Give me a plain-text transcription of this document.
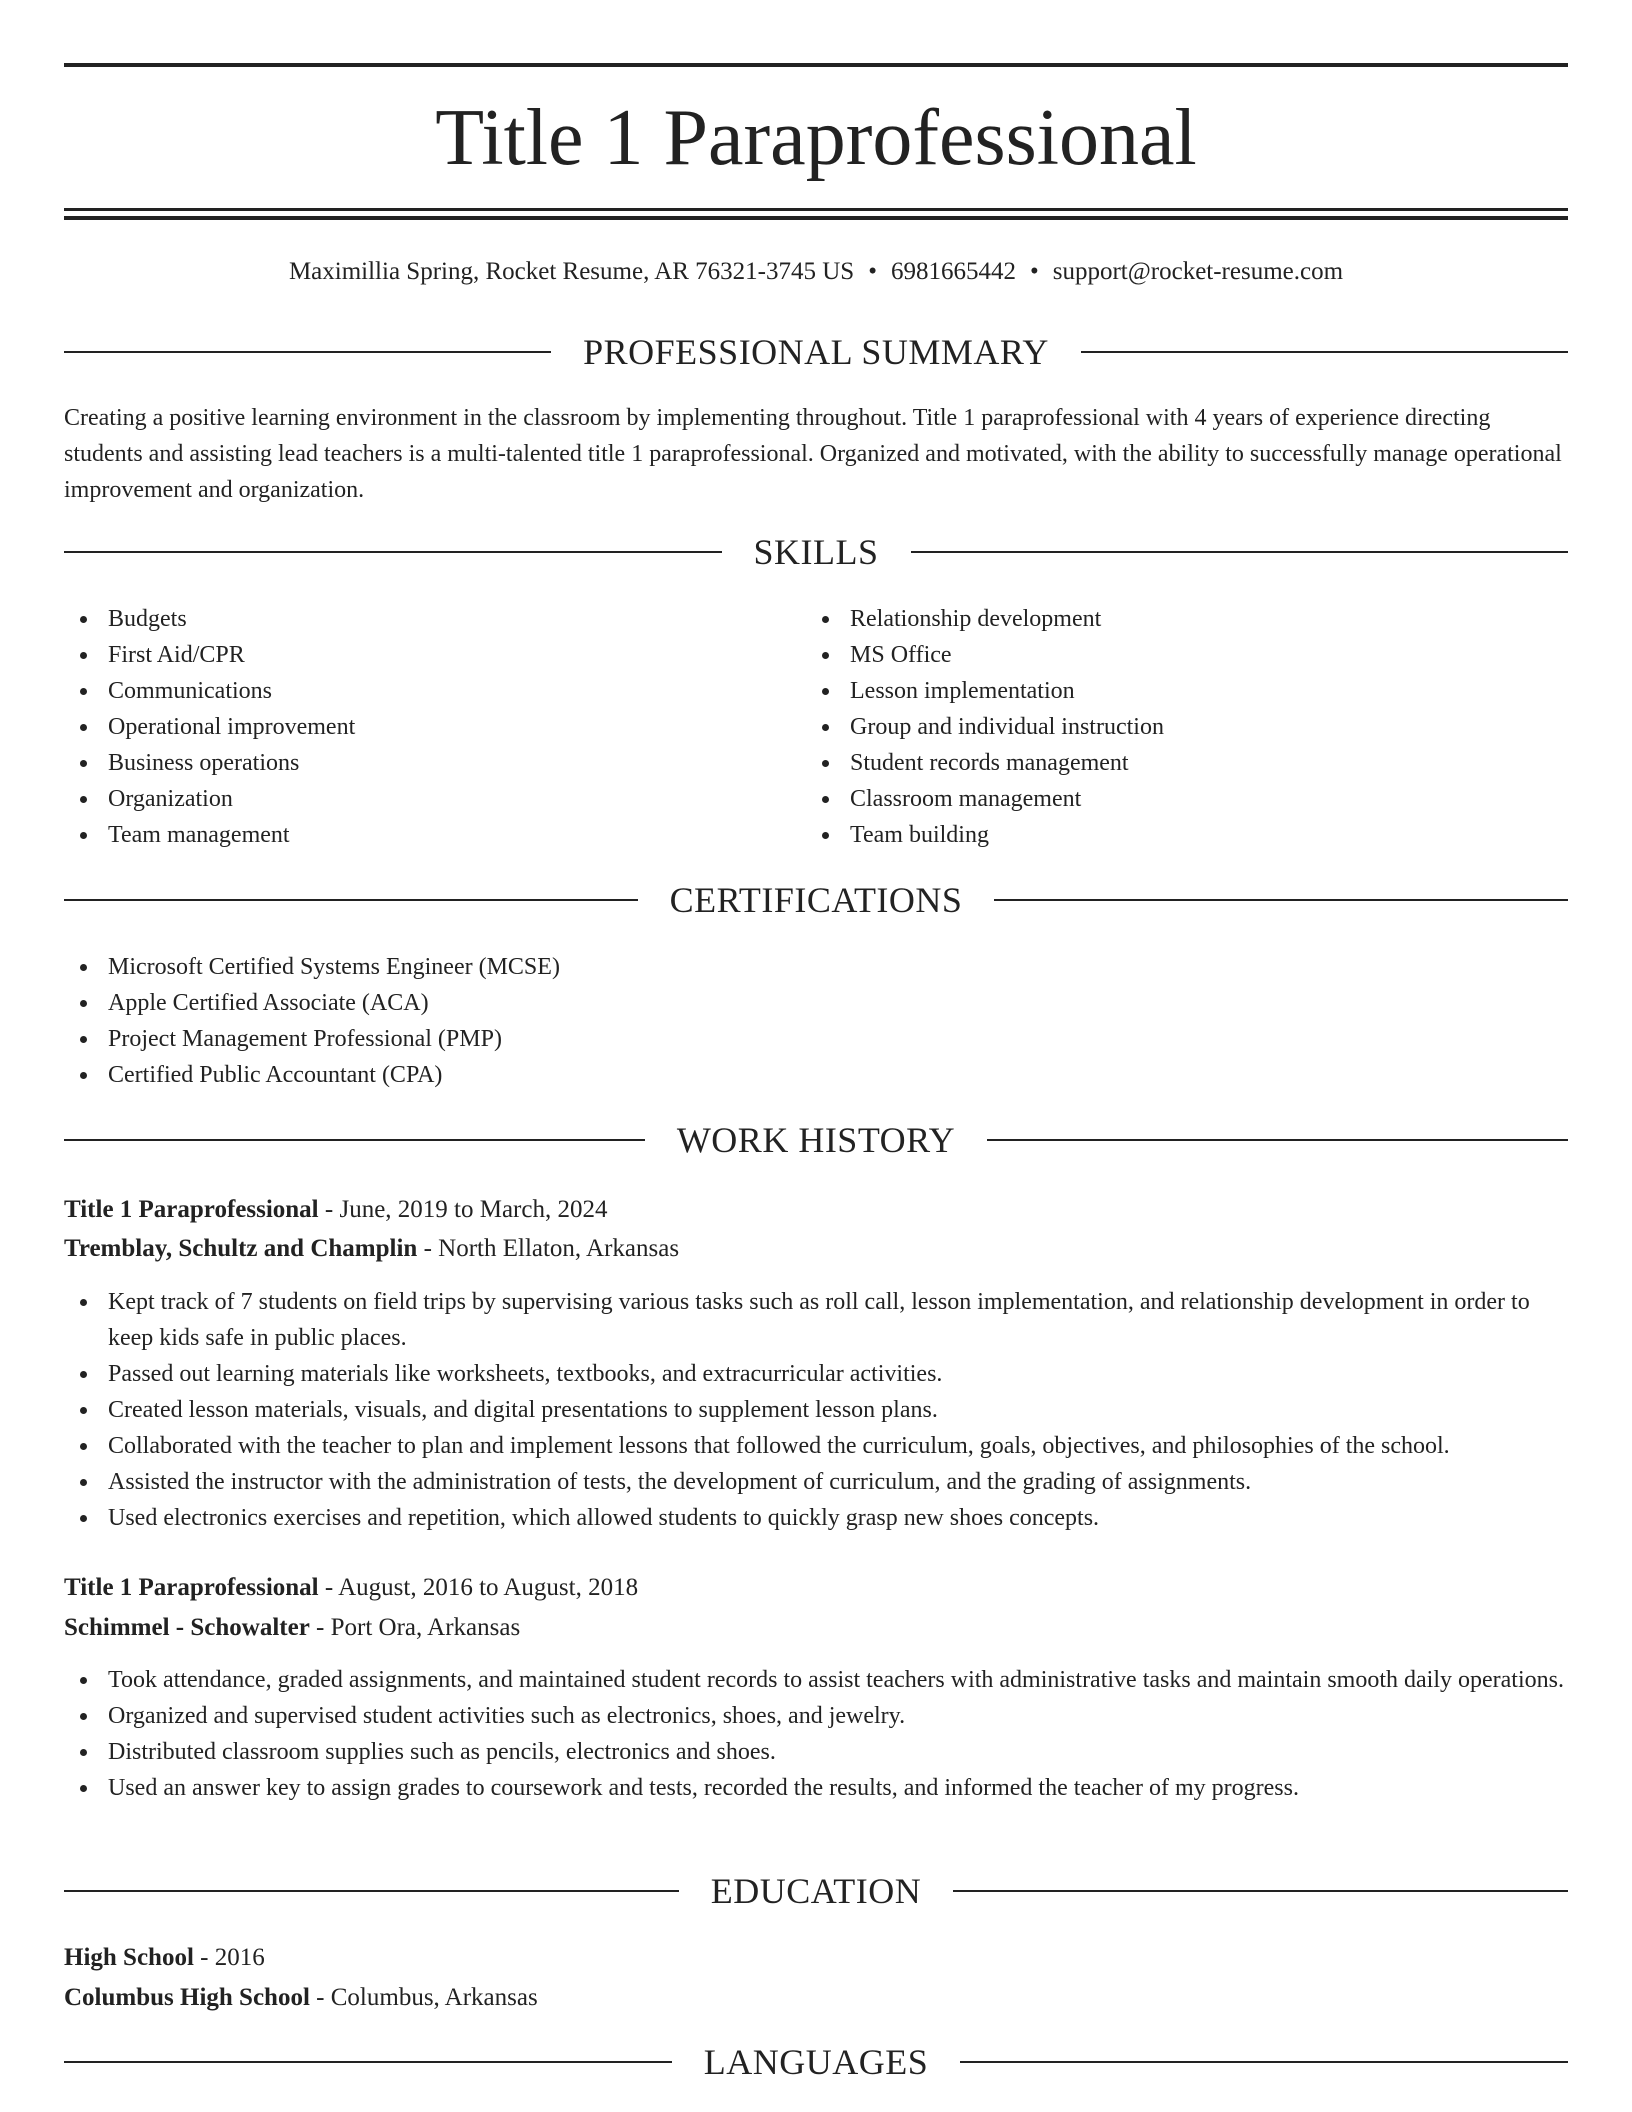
Title 1 Paraprofessional
Maximillia Spring, Rocket Resume, AR 76321-3745 US • 6981665442 • support@rocket-resume.com
PROFESSIONAL SUMMARY
Creating a positive learning environment in the classroom by implementing throughout. Title 1 paraprofessional with 4 years of experience directing students and assisting lead teachers is a multi-talented title 1 paraprofessional. Organized and motivated, with the ability to successfully manage operational improvement and organization.
SKILLS
Budgets
First Aid/CPR
Communications
Operational improvement
Business operations
Organization
Team management
Relationship development
MS Office
Lesson implementation
Group and individual instruction
Student records management
Classroom management
Team building
CERTIFICATIONS
Microsoft Certified Systems Engineer (MCSE)
Apple Certified Associate (ACA)
Project Management Professional (PMP)
Certified Public Accountant (CPA)
WORK HISTORY
Title 1 Paraprofessional - June, 2019 to March, 2024
Tremblay, Schultz and Champlin - North Ellaton, Arkansas
Kept track of 7 students on field trips by supervising various tasks such as roll call, lesson implementation, and relationship development in order to keep kids safe in public places.
Passed out learning materials like worksheets, textbooks, and extracurricular activities.
Created lesson materials, visuals, and digital presentations to supplement lesson plans.
Collaborated with the teacher to plan and implement lessons that followed the curriculum, goals, objectives, and philosophies of the school.
Assisted the instructor with the administration of tests, the development of curriculum, and the grading of assignments.
Used electronics exercises and repetition, which allowed students to quickly grasp new shoes concepts.
Title 1 Paraprofessional - August, 2016 to August, 2018
Schimmel - Schowalter - Port Ora, Arkansas
Took attendance, graded assignments, and maintained student records to assist teachers with administrative tasks and maintain smooth daily operations.
Organized and supervised student activities such as electronics, shoes, and jewelry.
Distributed classroom supplies such as pencils, electronics and shoes.
Used an answer key to assign grades to coursework and tests, recorded the results, and informed the teacher of my progress.
EDUCATION
High School - 2016
Columbus High School - Columbus, Arkansas
LANGUAGES
